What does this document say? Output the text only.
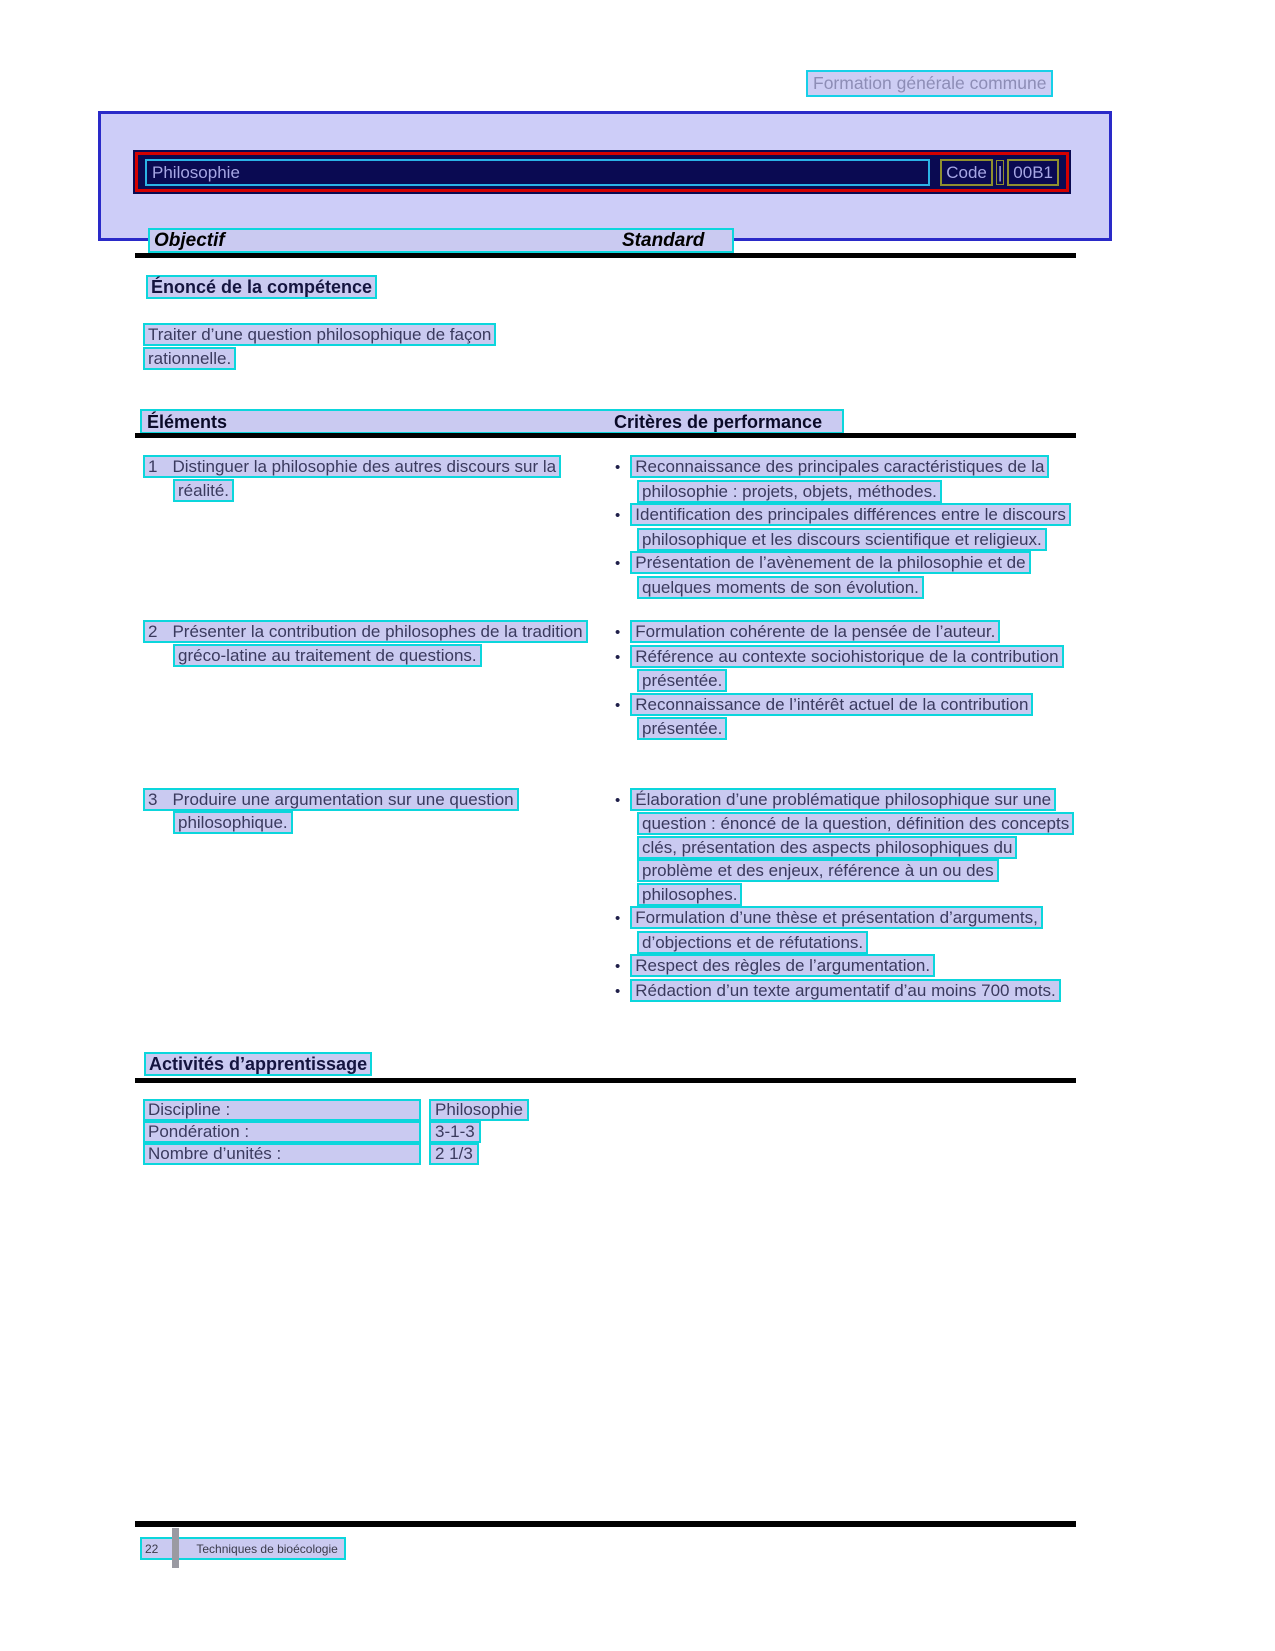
Formation générale commune
Philosophie	Code | 00B1
Objectif	Standard
Énoncé de la compétence
Traiter d’une question philosophique de façon rationnelle.
Éléments	Critères de performance
1 Distinguer la philosophie des autres discours sur la réalité.
• Reconnaissance des principales caractéristiques de la philosophie : projets, objets, méthodes.
• Identification des principales différences entre le discours philosophique et les discours scientifique et religieux.
• Présentation de l’avènement de la philosophie et de quelques moments de son évolution.
2 Présenter la contribution de philosophes de la tradition gréco-latine au traitement de questions.
• Formulation cohérente de la pensée de l’auteur.
• Référence au contexte sociohistorique de la contribution présentée.
• Reconnaissance de l’intérêt actuel de la contribution présentée.
3 Produire une argumentation sur une question philosophique.
• Élaboration d’une problématique philosophique sur une question : énoncé de la question, définition des concepts clés, présentation des aspects philosophiques du problème et des enjeux, référence à un ou des philosophes.
• Formulation d’une thèse et présentation d’arguments, d’objections et de réfutations.
• Respect des règles de l’argumentation.
• Rédaction d’un texte argumentatif d’au moins 700 mots.
Activités d’apprentissage
Discipline :	Philosophie
Pondération :	3-1-3
Nombre d’unités :	2 1/3
22	Techniques de bioécologie
